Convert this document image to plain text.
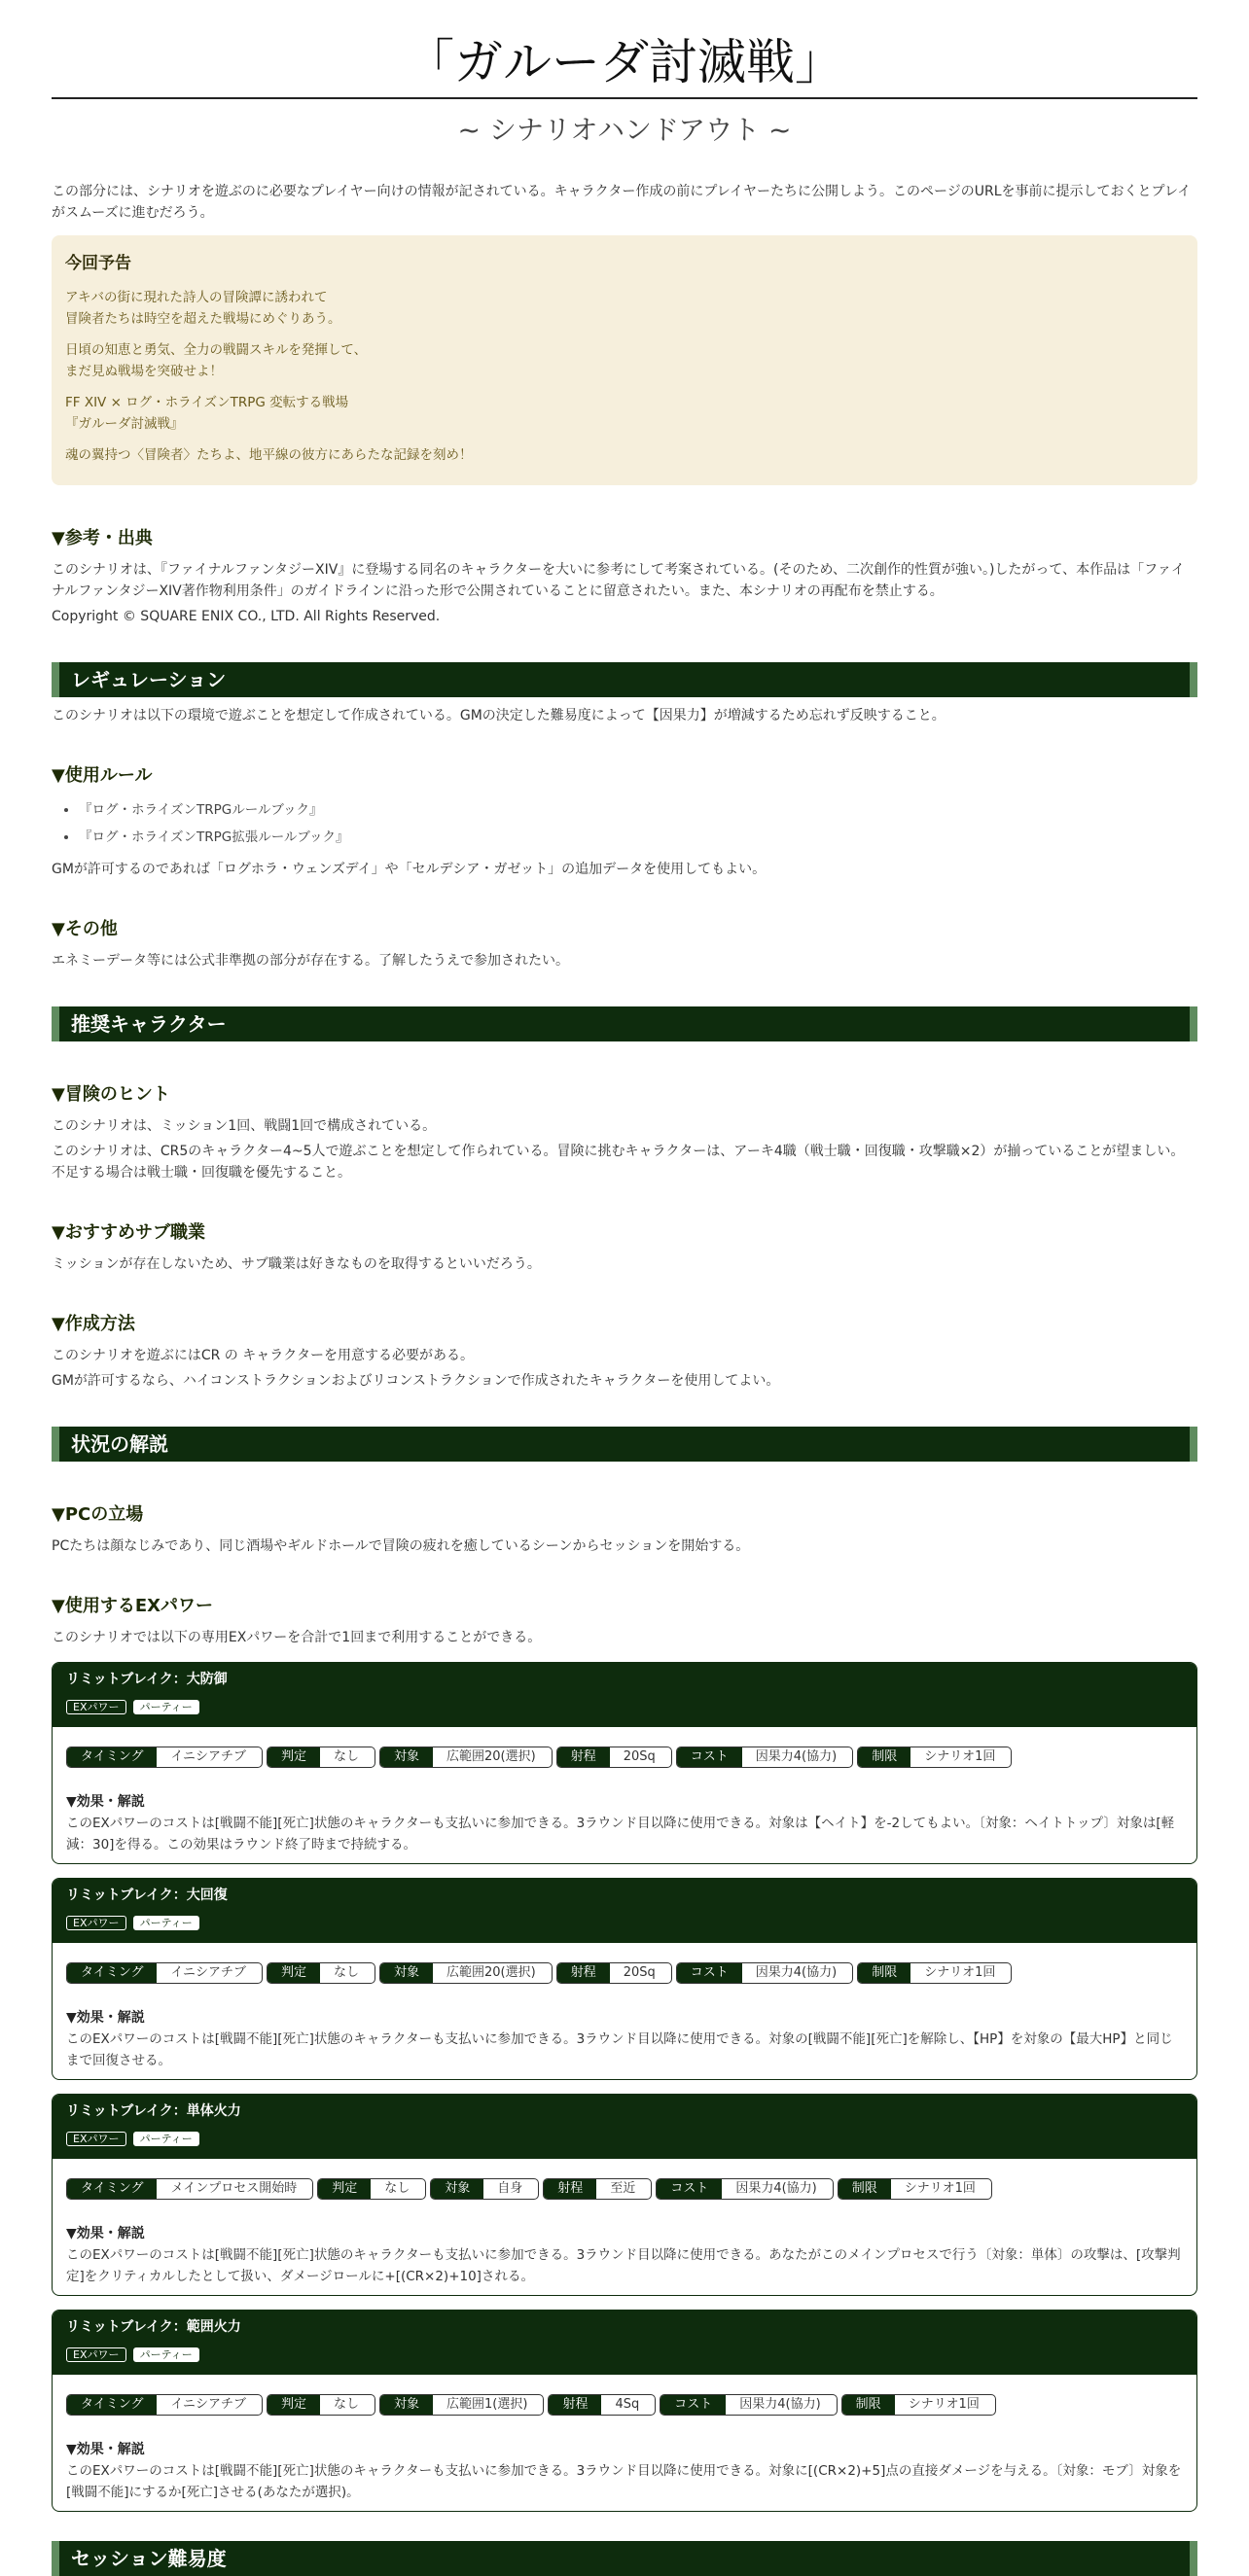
「ガルーダ討滅戦」
~ シナリオハンドアウト ~

この部分には、シナリオを遊ぶのに必要なプレイヤー向けの情報が記されている。キャラクター作成の前にプレイヤーたちに公開しよう。このページのURLを事前に提示しておくとプレイがスムーズに進むだろう。

今回予告

アキバの街に現れた詩人の冒険譚に誘われて
冒険者たちは時空を超えた戦場にめぐりあう。

日頃の知恵と勇気、全力の戦闘スキルを発揮して、
まだ見ぬ戦場を突破せよ！

FF XIV × ログ・ホライズンTRPG 変転する戦場
『ガルーダ討滅戦』

魂の翼持つ〈冒険者〉たちよ、地平線の彼方にあらたな記録を刻め！

▼参考・出典

このシナリオは、『ファイナルファンタジーXIV』に登場する同名のキャラクターを大いに参考にして考案されている。(そのため、二次創作的性質が強い。)したがって、本作品は「ファイナルファンタジーXIV著作物利用条件」のガイドラインに沿った形で公開されていることに留意されたい。また、本シナリオの再配布を禁止する。

Copyright © SQUARE ENIX CO., LTD. All Rights Reserved.

レギュレーション

このシナリオは以下の環境で遊ぶことを想定して作成されている。GMの決定した難易度によって【因果力】が増減するため忘れず反映すること。

▼使用ルール
• 『ログ・ホライズンTRPGルールブック』
• 『ログ・ホライズンTRPG拡張ルールブック』

GMが許可するのであれば「ログホラ・ウェンズデイ」や「セルデシア・ガゼット」の追加データを使用してもよい。

▼その他

エネミーデータ等には公式非準拠の部分が存在する。了解したうえで参加されたい。

推奨キャラクター
▼冒険のヒント

このシナリオは、ミッション1回、戦闘1回で構成されている。

このシナリオは、CR5のキャラクター4~5人で遊ぶことを想定して作られている。冒険に挑むキャラクターは、アーキ4職（戦士職・回復職・攻撃職×2）が揃っていることが望ましい。不足する場合は戦士職・回復職を優先すること。

▼おすすめサブ職業

ミッションが存在しないため、サブ職業は好きなものを取得するといいだろう。

▼作成方法

このシナリオを遊ぶにはCR の キャラクターを用意する必要がある。

GMが許可するなら、ハイコンストラクションおよびリコンストラクションで作成されたキャラクターを使用してよい。

状況の解説
▼PCの立場

PCたちは顔なじみであり、同じ酒場やギルドホールで冒険の疲れを癒しているシーンからセッションを開始する。

▼使用するEXパワー

このシナリオでは以下の専用EXパワーを合計で1回まで利用することができる。

リミットブレイク：大防御
EXパワー パーティー
タイミング イニシアチブ	判定 なし	対象 広範囲20(選択)	射程 20Sq	コスト 因果力4(協力)	制限 シナリオ1回
▼効果・解説

このEXパワーのコストは[戦闘不能][死亡]状態のキャラクターも支払いに参加できる。3ラウンド目以降に使用できる。対象は【ヘイト】を-2してもよい。〔対象：ヘイトトップ〕対象は[軽減：30]を得る。この効果はラウンド終了時まで持続する。

リミットブレイク：大回復
EXパワー パーティー
タイミング イニシアチブ	判定 なし	対象 広範囲20(選択)	射程 20Sq	コスト 因果力4(協力)	制限 シナリオ1回
▼効果・解説

このEXパワーのコストは[戦闘不能][死亡]状態のキャラクターも支払いに参加できる。3ラウンド目以降に使用できる。対象の[戦闘不能][死亡]を解除し、【HP】を対象の【最大HP】と同じまで回復させる。

リミットブレイク：単体火力
EXパワー パーティー
タイミング メインプロセス開始時	判定 なし	対象 自身	射程 至近	コスト 因果力4(協力)	制限 シナリオ1回
▼効果・解説

このEXパワーのコストは[戦闘不能][死亡]状態のキャラクターも支払いに参加できる。3ラウンド目以降に使用できる。あなたがこのメインプロセスで行う〔対象：単体〕の攻撃は、[攻撃判定]をクリティカルしたとして扱い、ダメージロールに+[(CR×2)+10]される。

リミットブレイク：範囲火力
EXパワー パーティー
タイミング イニシアチブ	判定 なし	対象 広範囲1(選択)	射程 4Sq	コスト 因果力4(協力)	制限 シナリオ1回
▼効果・解説

このEXパワーのコストは[戦闘不能][死亡]状態のキャラクターも支払いに参加できる。3ラウンド目以降に使用できる。対象に[(CR×2)+5]点の直接ダメージを与える。〔対象：モブ〕対象を[戦闘不能]にするか[死亡]させる(あなたが選択)。

セッション難易度
